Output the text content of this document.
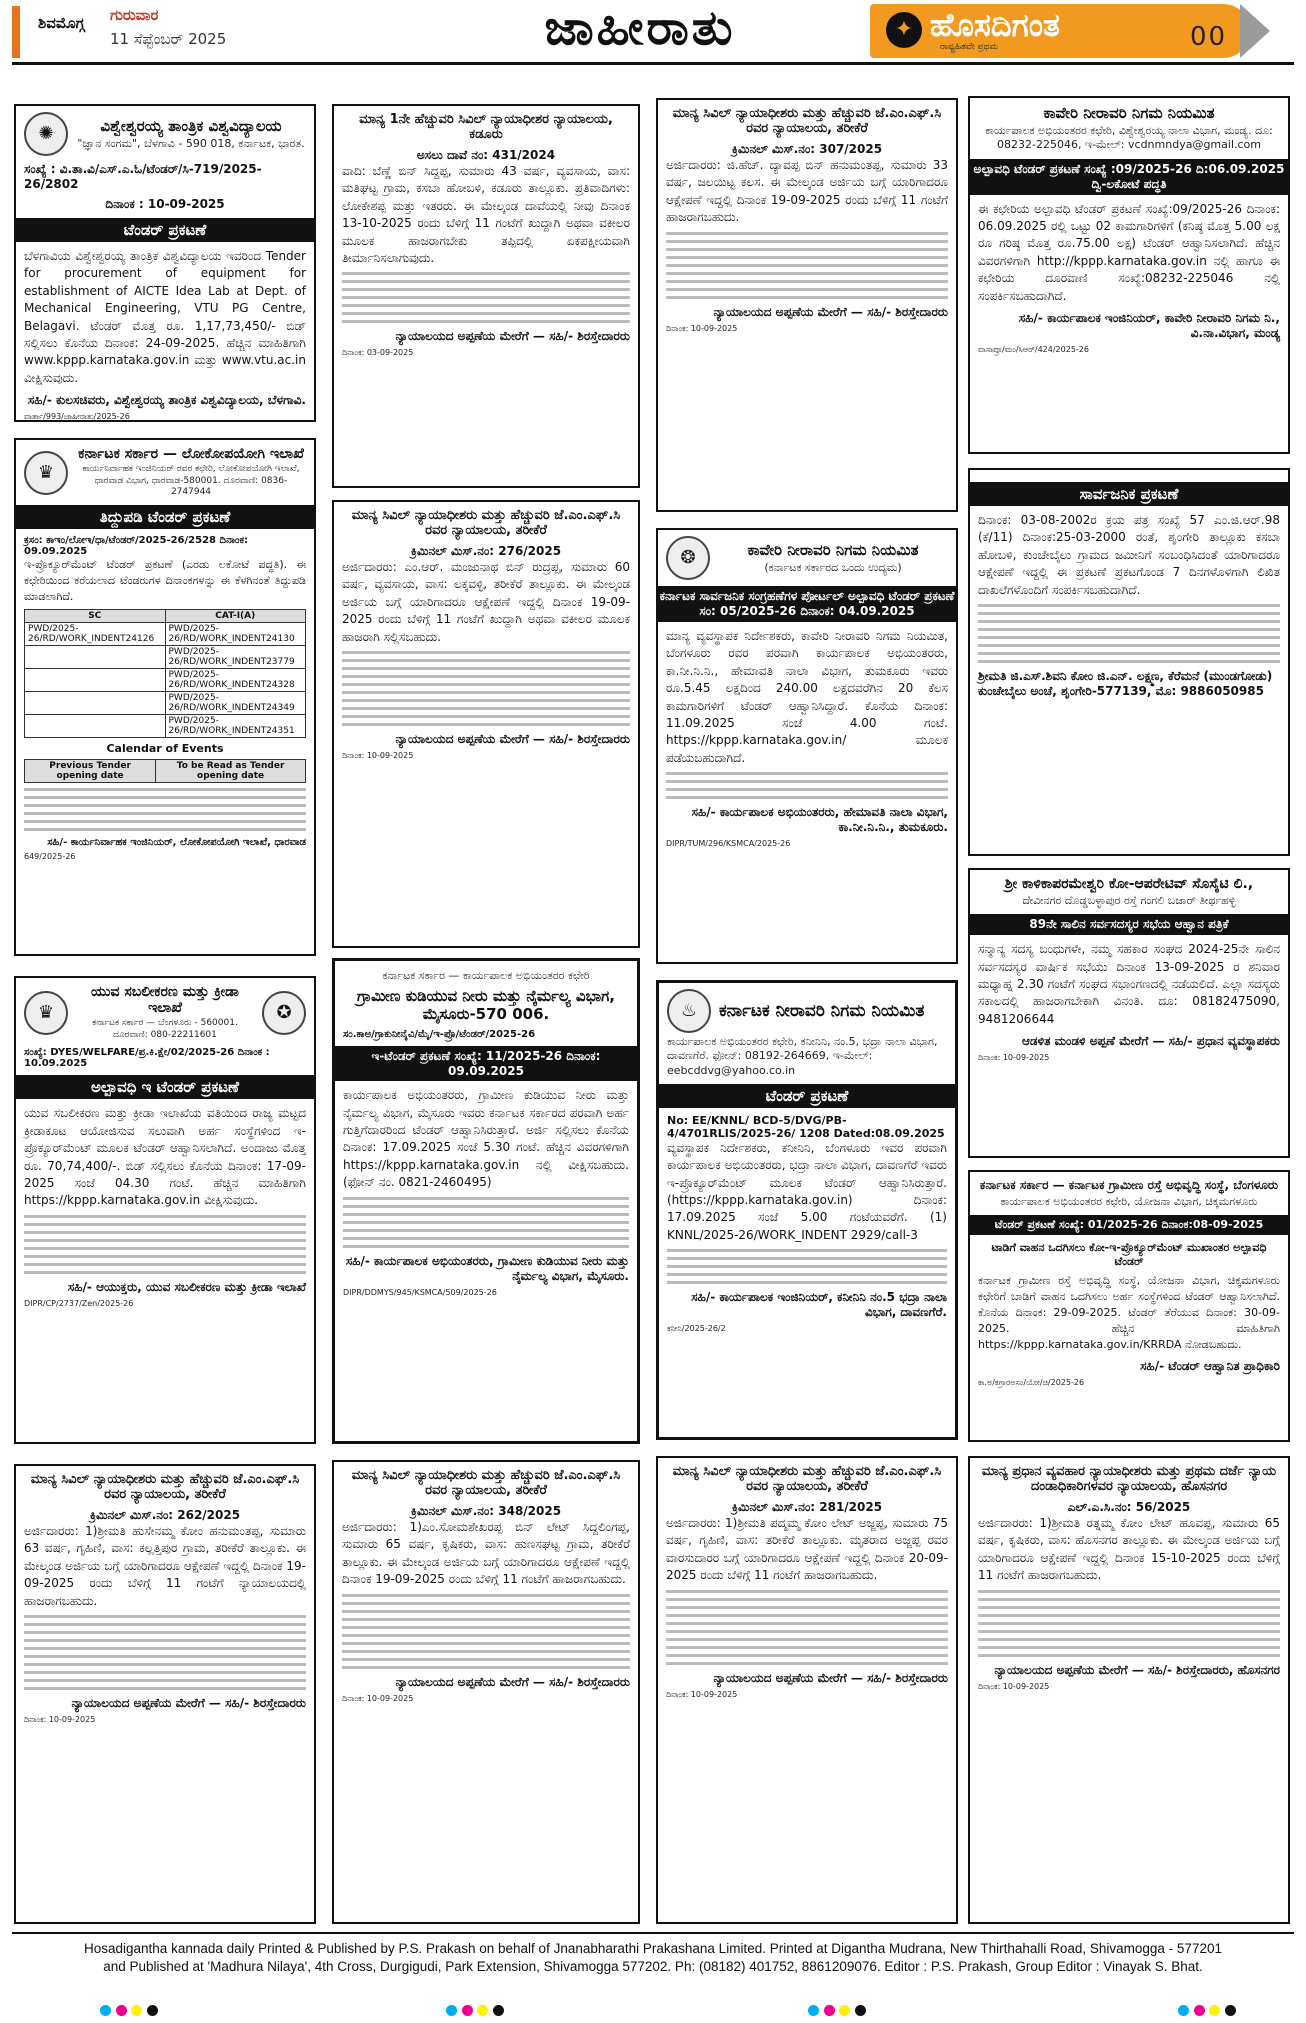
ಶಿವಮೊಗ್ಗ ಗುರುವಾರ
11 ಸೆಪ್ಟೆಂಬರ್ 2025	ಜಾಹೀರಾತು	✦ ಹೊಸದಿಗಂತ
ರಾಷ್ಟ್ರಹಿತವೇ ಪ್ರಥಮ	00
✺	ವಿಶ್ವೇಶ್ವರಯ್ಯ ತಾಂತ್ರಿಕ ವಿಶ್ವವಿದ್ಯಾಲಯ
"ಜ್ಞಾನ ಸಂಗಮ", ಬೆಳಗಾವಿ - 590 018, ಕರ್ನಾಟಕ, ಭಾರತ.
ಸಂಖ್ಯೆ : ವಿ.ತಾ.ವಿ/ಎಸ್.ಎ.ಓ/ಟೆಂಡರ್/ಸಿ-719/2025-26/2802
ದಿನಾಂಕ : 10-09-2025
ಟೆಂಡರ್ ಪ್ರಕಟಣೆ
ಬೆಳಗಾವಿಯ ವಿಶ್ವೇಶ್ವರಯ್ಯ ತಾಂತ್ರಿಕ ವಿಶ್ವವಿದ್ಯಾಲಯ ಇವರಿಂದ Tender for procurement of equipment for establishment of AICTE Idea Lab at Dept. of Mechanical Engineering, VTU PG Centre, Belagavi. ಟೆಂಡರ್ ಮೊತ್ತ ರೂ. 1,17,73,450/- ಬಿಡ್ ಸಲ್ಲಿಸಲು ಕೊನೆಯ ದಿನಾಂಕ: 24-09-2025. ಹೆಚ್ಚಿನ ಮಾಹಿತಿಗಾಗಿ www.kppp.karnataka.gov.in ಮತ್ತು www.vtu.ac.in ವೀಕ್ಷಿಸುವುದು.
ಸಹಿ/- ಕುಲಸಚಿವರು, ವಿಶ್ವೇಶ್ವರಯ್ಯ ತಾಂತ್ರಿಕ ವಿಶ್ವವಿದ್ಯಾಲಯ, ಬೆಳಗಾವಿ.
ವಾರ್ತಾ/993/ಜಾಹೀರಾತು/2025-26
♛
ಕರ್ನಾಟಕ ಸರ್ಕಾರ — ಲೋಕೋಪಯೋಗಿ ಇಲಾಖೆ
ಕಾರ್ಯನಿರ್ವಾಹಕ ಇಂಜಿನಿಯರ್ ರವರ ಕಛೇರಿ, ಲೋಕೋಪಯೋಗಿ ಇಲಾಖೆ, ಧಾರವಾಡ ವಿಭಾಗ, ಧಾರವಾಡ-580001. ದೂರವಾಣಿ: 0836-2747944
ತಿದ್ದುಪಡಿ ಟೆಂಡರ್ ಪ್ರಕಟಣೆ
ಕ್ರಸಂ: ಕಾಇಂ/ಲೋಇ/ಧಾ/ಟೆಂಡರ್/2025-26/2528 ದಿನಾಂಕ: 09.09.2025
ಇ-ಪ್ರೊಕ್ಯೂರ್‌ಮೆಂಟ್ ಟೆಂಡರ್ ಪ್ರಕಟಣೆ (ಎರಡು ಲಕೋಟೆ ಪದ್ಧತಿ). ಈ ಕಛೇರಿಯಿಂದ ಕರೆಯಲಾದ ಟೆಂಡರುಗಳ ದಿನಾಂಕಗಳನ್ನು ಈ ಕೆಳಗಿನಂತೆ ತಿದ್ದುಪಡಿ ಮಾಡಲಾಗಿದೆ.
SC	CAT-I(A)
PWD/2025-26/RD/WORK_INDENT24126	PWD/2025-26/RD/WORK_INDENT24130
	PWD/2025-26/RD/WORK_INDENT23779
	PWD/2025-26/RD/WORK_INDENT24328
	PWD/2025-26/RD/WORK_INDENT24349
	PWD/2025-26/RD/WORK_INDENT24351
Calendar of Events
Previous Tender opening date	To be Read as Tender opening date
ಸಹಿ/- ಕಾರ್ಯನಿರ್ವಾಹಕ ಇಂಜಿನಿಯರ್, ಲೋಕೋಪಯೋಗಿ ಇಲಾಖೆ, ಧಾರವಾಡ
649/2025-26
♛
ಯುವ ಸಬಲೀಕರಣ ಮತ್ತು ಕ್ರೀಡಾ ಇಲಾಖೆ
ಕರ್ನಾಟಕ ಸರ್ಕಾರ — ಬೆಂಗಳೂರು - 560001. ದೂರವಾಣಿ: 080-22211601
✪
ಸಂಖ್ಯೆ: DYES/WELFARE/ಪ್ರ.ಕಿ.ಕ್ಷೇ/02/2025-26 ದಿನಾಂಕ : 10.09.2025
ಅಲ್ಪಾವಧಿ ಇ ಟೆಂಡರ್ ಪ್ರಕಟಣೆ
ಯುವ ಸಬಲೀಕರಣ ಮತ್ತು ಕ್ರೀಡಾ ಇಲಾಖೆಯ ವತಿಯಿಂದ ರಾಜ್ಯ ಮಟ್ಟದ ಕ್ರೀಡಾಕೂಟ ಆಯೋಜಿಸುವ ಸಲುವಾಗಿ ಅರ್ಹ ಸಂಸ್ಥೆಗಳಿಂದ ಇ-ಪ್ರೊಕ್ಯೂರ್‌ಮೆಂಟ್ ಮೂಲಕ ಟೆಂಡರ್ ಆಹ್ವಾನಿಸಲಾಗಿದೆ. ಅಂದಾಜು ಮೊತ್ತ ರೂ. 70,74,400/-. ಬಿಡ್ ಸಲ್ಲಿಸಲು ಕೊನೆಯ ದಿನಾಂಕ: 17-09-2025 ಸಂಜೆ 04.30 ಗಂಟೆ. ಹೆಚ್ಚಿನ ಮಾಹಿತಿಗಾಗಿ https://kppp.karnataka.gov.in ವೀಕ್ಷಿಸುವುದು.
ಸಹಿ/- ಆಯುಕ್ತರು, ಯುವ ಸಬಲೀಕರಣ ಮತ್ತು ಕ್ರೀಡಾ ಇಲಾಖೆ
DIPR/CP/2737/Zen/2025-26
ಮಾನ್ಯ ಸಿವಿಲ್ ನ್ಯಾಯಾಧೀಶರು ಮತ್ತು ಹೆಚ್ಚುವರಿ ಜೆ.ಎಂ.ಎಫ್.ಸಿ ರವರ ನ್ಯಾಯಾಲಯ, ತರೀಕೆರೆ
ಕ್ರಿಮಿನಲ್ ಮಿಸ್.ನಂ: 262/2025
ಅರ್ಜಿದಾರರು: 1)ಶ್ರೀಮತಿ ಹುಸೇನಮ್ಮ ಕೋಂ ಹನುಮಂತಪ್ಪ, ಸುಮಾರು 63 ವರ್ಷ, ಗೃಹಿಣಿ, ವಾಸ: ಕಲ್ಲತ್ತಿಪುರ ಗ್ರಾಮ, ತರೀಕೆರೆ ತಾಲ್ಲೂಕು. ಈ ಮೇಲ್ಕಂಡ ಅರ್ಜಿಯ ಬಗ್ಗೆ ಯಾರಿಗಾದರೂ ಆಕ್ಷೇಪಣೆ ಇದ್ದಲ್ಲಿ ದಿನಾಂಕ 19-09-2025 ರಂದು ಬೆಳಿಗ್ಗೆ 11 ಗಂಟೆಗೆ ನ್ಯಾಯಾಲಯದಲ್ಲಿ ಹಾಜರಾಗಬಹುದು.
ನ್ಯಾಯಾಲಯದ ಅಪ್ಪಣೆಯ ಮೇರೆಗೆ — ಸಹಿ/- ಶಿರಸ್ತೇದಾರರು
ದಿನಾಂಕ: 10-09-2025
ಮಾನ್ಯ 1ನೇ ಹೆಚ್ಚುವರಿ ಸಿವಿಲ್ ನ್ಯಾಯಾಧೀಶರ ನ್ಯಾಯಾಲಯ, ಕಡೂರು
ಅಸಲು ದಾವೆ ನಂ: 431/2024
ವಾದಿ: ಬೆಣ್ಣೆ ಬಿನ್ ಸಿದ್ದಪ್ಪ, ಸುಮಾರು 43 ವರ್ಷ, ವ್ಯವಸಾಯ, ವಾಸ: ಮತಿಘಟ್ಟ ಗ್ರಾಮ, ಕಸಬಾ ಹೋಬಳಿ, ಕಡೂರು ತಾಲ್ಲೂಕು. ಪ್ರತಿವಾದಿಗಳು: ಲೋಕೇಶಪ್ಪ ಮತ್ತು ಇತರರು. ಈ ಮೇಲ್ಕಂಡ ದಾವೆಯಲ್ಲಿ ನೀವು ದಿನಾಂಕ 13-10-2025 ರಂದು ಬೆಳಿಗ್ಗೆ 11 ಗಂಟೆಗೆ ಖುದ್ದಾಗಿ ಅಥವಾ ವಕೀಲರ ಮೂಲಕ ಹಾಜರಾಗಬೇಕು ತಪ್ಪಿದಲ್ಲಿ ಏಕಪಕ್ಷೀಯವಾಗಿ ತೀರ್ಮಾನಿಸಲಾಗುವುದು.
ನ್ಯಾಯಾಲಯದ ಅಪ್ಪಣೆಯ ಮೇರೆಗೆ — ಸಹಿ/- ಶಿರಸ್ತೇದಾರರು
ದಿನಾಂಕ: 03-09-2025
ಮಾನ್ಯ ಸಿವಿಲ್ ನ್ಯಾಯಾಧೀಶರು ಮತ್ತು ಹೆಚ್ಚುವರಿ ಜೆ.ಎಂ.ಎಫ್.ಸಿ ರವರ ನ್ಯಾಯಾಲಯ, ತರೀಕೆರೆ
ಕ್ರಿಮಿನಲ್ ಮಿಸ್.ನಂ: 276/2025
ಅರ್ಜಿದಾರರು: ಎಂ.ಆರ್. ಮಂಜುನಾಥ ಬಿನ್ ರುದ್ರಪ್ಪ, ಸುಮಾರು 60 ವರ್ಷ, ವ್ಯವಸಾಯ, ವಾಸ: ಲಕ್ಕವಳ್ಳಿ, ತರೀಕೆರೆ ತಾಲ್ಲೂಕು. ಈ ಮೇಲ್ಕಂಡ ಅರ್ಜಿಯ ಬಗ್ಗೆ ಯಾರಿಗಾದರೂ ಆಕ್ಷೇಪಣೆ ಇದ್ದಲ್ಲಿ ದಿನಾಂಕ 19-09-2025 ರಂದು ಬೆಳಿಗ್ಗೆ 11 ಗಂಟೆಗೆ ಖುದ್ದಾಗಿ ಅಥವಾ ವಕೀಲರ ಮೂಲಕ ಹಾಜರಾಗಿ ಸಲ್ಲಿಸಬಹುದು.
ನ್ಯಾಯಾಲಯದ ಅಪ್ಪಣೆಯ ಮೇರೆಗೆ — ಸಹಿ/- ಶಿರಸ್ತೇದಾರರು
ದಿನಾಂಕ: 10-09-2025
ಕರ್ನಾಟಕ ಸರ್ಕಾರ — ಕಾರ್ಯಪಾಲಕ ಅಭಿಯಂತರರ ಕಛೇರಿ
ಗ್ರಾಮೀಣ ಕುಡಿಯುವ ನೀರು ಮತ್ತು ನೈರ್ಮಲ್ಯ ವಿಭಾಗ, ಮೈಸೂರು-570 006.
ಸಂ.ಕಾಅ/ಗ್ರಾಕುನೀನೈವಿ/ಮೈ/ಇ-ಪ್ರೊ/ಟೆಂಡರ್/2025-26
ಇ-ಟೆಂಡರ್ ಪ್ರಕಟಣೆ ಸಂಖ್ಯೆ: 11/2025-26 ದಿನಾಂಕ: 09.09.2025
ಕಾರ್ಯಪಾಲಕ ಅಭಿಯಂತರರು, ಗ್ರಾಮೀಣ ಕುಡಿಯುವ ನೀರು ಮತ್ತು ನೈರ್ಮಲ್ಯ ವಿಭಾಗ, ಮೈಸೂರು ಇವರು ಕರ್ನಾಟಕ ಸರ್ಕಾರದ ಪರವಾಗಿ ಅರ್ಹ ಗುತ್ತಿಗೆದಾರರಿಂದ ಟೆಂಡರ್ ಆಹ್ವಾನಿಸಿರುತ್ತಾರೆ. ಅರ್ಜಿ ಸಲ್ಲಿಸಲು ಕೊನೆಯ ದಿನಾಂಕ: 17.09.2025 ಸಂಜೆ 5.30 ಗಂಟೆ. ಹೆಚ್ಚಿನ ವಿವರಗಳಿಗಾಗಿ https://kppp.karnataka.gov.in ನಲ್ಲಿ ವೀಕ್ಷಿಸಬಹುದು. (ಫೋನ್ ನಂ. 0821-2460495)
ಸಹಿ/- ಕಾರ್ಯಪಾಲಕ ಅಭಿಯಂತರರು, ಗ್ರಾಮೀಣ ಕುಡಿಯುವ ನೀರು ಮತ್ತು ನೈರ್ಮಲ್ಯ ವಿಭಾಗ, ಮೈಸೂರು.
DIPR/DDMYS/945/KSMCA/509/2025-26
ಮಾನ್ಯ ಸಿವಿಲ್ ನ್ಯಾಯಾಧೀಶರು ಮತ್ತು ಹೆಚ್ಚುವರಿ ಜೆ.ಎಂ.ಎಫ್.ಸಿ ರವರ ನ್ಯಾಯಾಲಯ, ತರೀಕೆರೆ
ಕ್ರಿಮಿನಲ್ ಮಿಸ್.ನಂ: 348/2025
ಅರ್ಜಿದಾರರು: 1)ಎಂ.ಸೋಮಶೇಖರಪ್ಪ ಬಿನ್ ಲೇಟ್ ಸಿದ್ದಲಿಂಗಪ್ಪ, ಸುಮಾರು 65 ವರ್ಷ, ಕೃಷಿಕರು, ವಾಸ: ಹುಣಸಘಟ್ಟ ಗ್ರಾಮ, ತರೀಕೆರೆ ತಾಲ್ಲೂಕು. ಈ ಮೇಲ್ಕಂಡ ಅರ್ಜಿಯ ಬಗ್ಗೆ ಯಾರಿಗಾದರೂ ಆಕ್ಷೇಪಣೆ ಇದ್ದಲ್ಲಿ ದಿನಾಂಕ 19-09-2025 ರಂದು ಬೆಳಿಗ್ಗೆ 11 ಗಂಟೆಗೆ ಹಾಜರಾಗಬಹುದು.
ನ್ಯಾಯಾಲಯದ ಅಪ್ಪಣೆಯ ಮೇರೆಗೆ — ಸಹಿ/- ಶಿರಸ್ತೇದಾರರು
ದಿನಾಂಕ: 10-09-2025
ಮಾನ್ಯ ಸಿವಿಲ್ ನ್ಯಾಯಾಧೀಶರು ಮತ್ತು ಹೆಚ್ಚುವರಿ ಜೆ.ಎಂ.ಎಫ್.ಸಿ ರವರ ನ್ಯಾಯಾಲಯ, ತರೀಕೆರೆ
ಕ್ರಿಮಿನಲ್ ಮಿಸ್.ನಂ: 307/2025
ಅರ್ಜಿದಾರರು: ಜಿ.ಹೆಚ್. ದ್ಯಾವಪ್ಪ ಬಿನ್ ಹನುಮಂತಪ್ಪ, ಸುಮಾರು 33 ವರ್ಷ, ಜಲಯಿಟ್ಟ ಕಲಸ. ಈ ಮೇಲ್ಕಂಡ ಅರ್ಜಿಯ ಬಗ್ಗೆ ಯಾರಿಗಾದರೂ ಆಕ್ಷೇಪಣೆ ಇದ್ದಲ್ಲಿ ದಿನಾಂಕ 19-09-2025 ರಂದು ಬೆಳಿಗ್ಗೆ 11 ಗಂಟೆಗೆ ಹಾಜರಾಗಬಹುದು.
ನ್ಯಾಯಾಲಯದ ಅಪ್ಪಣೆಯ ಮೇರೆಗೆ — ಸಹಿ/- ಶಿರಸ್ತೇದಾರರು
ದಿನಾಂಕ: 10-09-2025
❂	ಕಾವೇರಿ ನೀರಾವರಿ ನಿಗಮ ನಿಯಮಿತ
(ಕರ್ನಾಟಕ ಸರ್ಕಾರದ ಒಂದು ಉದ್ಯಮ)
ಕರ್ನಾಟಕ ಸಾರ್ವಜನಿಕ ಸಂಗ್ರಹಣೆಗಳ ಪೋರ್ಟಲ್ ಅಲ್ಪಾವಧಿ ಟೆಂಡರ್ ಪ್ರಕಟಣೆ ಸಂ: 05/2025-26 ದಿನಾಂಕ: 04.09.2025
ಮಾನ್ಯ ವ್ಯವಸ್ಥಾಪಕ ನಿರ್ದೇಶಕರು, ಕಾವೇರಿ ನೀರಾವರಿ ನಿಗಮ ನಿಯಮಿತ, ಬೆಂಗಳೂರು ರವರ ಪರವಾಗಿ ಕಾರ್ಯಪಾಲಕ ಅಭಿಯಂತರರು, ಕಾ.ನೀ.ನಿ.ನಿ., ಹೇಮಾವತಿ ನಾಲಾ ವಿಭಾಗ, ತುಮಕೂರು ಇವರು ರೂ.5.45 ಲಕ್ಷದಿಂದ 240.00 ಲಕ್ಷದವರೆಗಿನ 20 ಕೆಲಸ ಕಾಮಗಾರಿಗಳಿಗೆ ಟೆಂಡರ್ ಆಹ್ವಾನಿಸಿದ್ದಾರೆ. ಕೊನೆಯ ದಿನಾಂಕ: 11.09.2025 ಸಂಜೆ 4.00 ಗಂಟೆ. https://kppp.karnataka.gov.in/ ಮೂಲಕ ಪಡೆಯಬಹುದಾಗಿದೆ.
ಸಹಿ/- ಕಾರ್ಯಪಾಲಕ ಅಭಿಯಂತರರು, ಹೇಮಾವತಿ ನಾಲಾ ವಿಭಾಗ, ಕಾ.ನೀ.ನಿ.ನಿ., ತುಮಕೂರು.
DIPR/TUM/296/KSMCA/2025-26
♨	ಕರ್ನಾಟಕ ನೀರಾವರಿ ನಿಗಮ ನಿಯಮಿತ
ಕಾರ್ಯಪಾಲಕ ಅಭಿಯಂತರರ ಕಛೇರಿ, ಕನೀನಿನಿ, ನಂ.5, ಭದ್ರಾ ನಾಲಾ ವಿಭಾಗ, ದಾವಣಗೆರೆ. ಫೋನ್: 08192-264669, ಇ-ಮೇಲ್: eebcddvg@yahoo.co.in
ಟೆಂಡರ್ ಪ್ರಕಟಣೆ
No: EE/KNNL/ BCD-5/DVG/PB-4/4701RLIS/2025-26/ 1208 Dated:08.09.2025
ವ್ಯವಸ್ಥಾಪಕ ನಿರ್ದೇಶಕರು, ಕನೀನಿನಿ, ಬೆಂಗಳೂರು ಇವರ ಪರವಾಗಿ ಕಾರ್ಯಪಾಲಕ ಅಭಿಯಂತರರು, ಭದ್ರಾ ನಾಲಾ ವಿಭಾಗ, ದಾವಣಗೆರೆ ಇವರು ಇ-ಪ್ರೊಕ್ಯೂರ್‌ಮೆಂಟ್ ಮೂಲಕ ಟೆಂಡರ್ ಆಹ್ವಾನಿಸಿರುತ್ತಾರೆ. (https://kppp.karnataka.gov.in) ದಿನಾಂಕ: 17.09.2025 ಸಂಜೆ 5.00 ಗಂಟೆಯವರೆಗೆ. (1) KNNL/2025-26/WORK_INDENT 2929/call-3
ಸಹಿ/- ಕಾರ್ಯಪಾಲಕ ಇಂಜಿನಿಯರ್, ಕನೀನಿನಿ ನಂ.5 ಭದ್ರಾ ನಾಲಾ ವಿಭಾಗ, ದಾವಣಗೆರೆ.
ಕನೀನಿ/2025-26/2
ಮಾನ್ಯ ಸಿವಿಲ್ ನ್ಯಾಯಾಧೀಶರು ಮತ್ತು ಹೆಚ್ಚುವರಿ ಜೆ.ಎಂ.ಎಫ್.ಸಿ ರವರ ನ್ಯಾಯಾಲಯ, ತರೀಕೆರೆ
ಕ್ರಿಮಿನಲ್ ಮಿಸ್.ನಂ: 281/2025
ಅರ್ಜಿದಾರರು: 1)ಶ್ರೀಮತಿ ಪದ್ಮಮ್ಮ ಕೋಂ ಲೇಟ್ ಅಜ್ಜಪ್ಪ, ಸುಮಾರು 75 ವರ್ಷ, ಗೃಹಿಣಿ, ವಾಸ: ತರೀಕೆರೆ ತಾಲ್ಲೂಕು. ಮೃತರಾದ ಅಜ್ಜಪ್ಪ ರವರ ವಾರಸುದಾರರ ಬಗ್ಗೆ ಯಾರಿಗಾದರೂ ಆಕ್ಷೇಪಣೆ ಇದ್ದಲ್ಲಿ ದಿನಾಂಕ 20-09-2025 ರಂದು ಬೆಳಿಗ್ಗೆ 11 ಗಂಟೆಗೆ ಹಾಜರಾಗಬಹುದು.
ನ್ಯಾಯಾಲಯದ ಅಪ್ಪಣೆಯ ಮೇರೆಗೆ — ಸಹಿ/- ಶಿರಸ್ತೇದಾರರು
ದಿನಾಂಕ: 10-09-2025
ಕಾವೇರಿ ನೀರಾವರಿ ನಿಗಮ ನಿಯಮಿತ
ಕಾರ್ಯಪಾಲಕ ಅಭಿಯಂತರರ ಕಛೇರಿ, ವಿಶ್ವೇಶ್ವರಯ್ಯ ನಾಲಾ ವಿಭಾಗ, ಮಂಡ್ಯ. ದೂ: 08232-225046, ಇ-ಮೇಲ್: vcdnmndya@gmail.com
ಅಲ್ಪಾವಧಿ ಟೆಂಡರ್ ಪ್ರಕಟಣೆ ಸಂಖ್ಯೆ :09/2025-26 ದಿ:06.09.2025 ದ್ವಿ-ಲಕೋಟೆ ಪದ್ಧತಿ
ಈ ಕಛೇರಿಯ ಅಲ್ಪಾವಧಿ ಟೆಂಡರ್ ಪ್ರಕಟಣೆ ಸಂಖ್ಯೆ:09/2025-26 ದಿನಾಂಕ: 06.09.2025 ರಲ್ಲಿ ಒಟ್ಟು 02 ಕಾಮಗಾರಿಗಳಿಗೆ (ಕನಿಷ್ಠ ಮೊತ್ತ 5.00 ಲಕ್ಷ ರೂ ಗರಿಷ್ಠ ಮೊತ್ತ ರೂ.75.00 ಲಕ್ಷ) ಟೆಂಡರ್ ಆಹ್ವಾನಿಸಲಾಗಿದೆ. ಹೆಚ್ಚಿನ ವಿವರಗಳಿಗಾಗಿ http://kppp.karnataka.gov.in ನಲ್ಲಿ ಹಾಗೂ ಈ ಕಛೇರಿಯ ದೂರವಾಣಿ ಸಂಖ್ಯೆ:08232-225046 ನಲ್ಲಿ ಸಂಪರ್ಕಿಸಬಹುದಾಗಿದೆ.
ಸಹಿ/- ಕಾರ್ಯಪಾಲಕ ಇಂಜಿನಿಯರ್, ಕಾವೇರಿ ನೀರಾವರಿ ನಿಗಮ ನಿ., ವಿ.ನಾ.ವಿಭಾಗ, ಮಂಡ್ಯ
ವಾಸಾಪ್ರೂ/ಮಂ/ಸಿಆರ್/424/2025-26
ಸಾರ್ವಜನಿಕ ಪ್ರಕಟಣೆ
ದಿನಾಂಕ: 03-08-2002ರ ಕ್ರಯ ಪತ್ರ ಸಂಖ್ಯೆ 57 ಎಂ.ಜಿ.ಆರ್.98 (ಕೆ/11) ದಿನಾಂಕ:25-03-2000 ರಂತೆ, ಶೃಂಗೇರಿ ತಾಲ್ಲೂಕು ಕಸಬಾ ಹೋಬಳಿ, ಕುಂಚೇಬೈಲು ಗ್ರಾಮದ ಜಮೀನಿಗೆ ಸಂಬಂಧಿಸಿದಂತೆ ಯಾರಿಗಾದರೂ ಆಕ್ಷೇಪಣೆ ಇದ್ದಲ್ಲಿ ಈ ಪ್ರಕಟಣೆ ಪ್ರಕಟಗೊಂಡ 7 ದಿನಗಳೊಳಗಾಗಿ ಲಿಖಿತ ದಾಖಲೆಗಳೊಂದಿಗೆ ಸಂಪರ್ಕಿಸಬಹುದಾಗಿದೆ.
ಶ್ರೀಮತಿ ಜಿ.ಎಸ್.ಶಿವನಿ ಕೋಂ ಜಿ.ಎನ್. ಲಕ್ಷ್ಮಣ, ಕೆರೆಮನೆ (ಮುಂಡಗೋಡು) ಕುಂಚೇಬೈಲು ಅಂಚೆ, ಶೃಂಗೇರಿ-577139, ಮೊ: 9886050985
ಶ್ರೀ ಕಾಳಿಕಾಪರಮೇಶ್ವರಿ ಕೋ-ಆಪರೇಟಿವ್ ಸೊಸೈಟಿ ಲಿ.,
ದೇವೀನಗರ ದೊಡ್ಡಬಳ್ಳಾಪುರ ರಸ್ತೆ ಗಂಗಲಿ ಬಜಾರ್ ತೀರ್ಥಹಳ್ಳಿ
89ನೇ ಸಾಲಿನ ಸರ್ವಸದಸ್ಯರ ಸಭೆಯ ಆಹ್ವಾನ ಪತ್ರಿಕೆ
ಸನ್ಮಾನ್ಯ ಸದಸ್ಯ ಬಂಧುಗಳೇ, ನಮ್ಮ ಸಹಕಾರ ಸಂಘದ 2024-25ನೇ ಸಾಲಿನ ಸರ್ವಸದಸ್ಯರ ವಾರ್ಷಿಕ ಸಭೆಯು ದಿನಾಂಕ 13-09-2025 ರ ಶನಿವಾರ ಮಧ್ಯಾಹ್ನ 2.30 ಗಂಟೆಗೆ ಸಂಘದ ಸಭಾಂಗಣದಲ್ಲಿ ನಡೆಯಲಿದೆ. ಎಲ್ಲಾ ಸದಸ್ಯರು ಸಕಾಲದಲ್ಲಿ ಹಾಜರಾಗಬೇಕಾಗಿ ವಿನಂತಿ. ದೂ: 08182475090, 9481206644
ಆಡಳಿತ ಮಂಡಳಿ ಅಪ್ಪಣೆ ಮೇರೆಗೆ — ಸಹಿ/- ಪ್ರಧಾನ ವ್ಯವಸ್ಥಾಪಕರು
ದಿನಾಂಕ: 10-09-2025
ಕರ್ನಾಟಕ ಸರ್ಕಾರ — ಕರ್ನಾಟಕ ಗ್ರಾಮೀಣ ರಸ್ತೆ ಅಭಿವೃದ್ಧಿ ಸಂಸ್ಥೆ, ಬೆಂಗಳೂರು
ಕಾರ್ಯಪಾಲಕ ಅಭಿಯಂತರರ ಕಛೇರಿ, ಯೋಜನಾ ವಿಭಾಗ, ಚಿಕ್ಕಮಗಳೂರು
ಟೆಂಡರ್ ಪ್ರಕಟಣೆ ಸಂಖ್ಯೆ: 01/2025-26 ದಿನಾಂಕ:08-09-2025
ಟಾಡಿಗೆ ವಾಹನ ಒದಗಿಸಲು ಕೋ-ಇ-ಪ್ರೊಕ್ಯೂರ್‌ಮೆಂಟ್ ಮುಖಾಂತರ ಅಲ್ಪಾವಧಿ ಟೆಂಡರ್
ಕರ್ನಾಟಕ ಗ್ರಾಮೀಣ ರಸ್ತೆ ಅಭಿವೃದ್ಧಿ ಸಂಸ್ಥೆ, ಯೋಜನಾ ವಿಭಾಗ, ಚಿಕ್ಕಮಗಳೂರು ಕಛೇರಿಗೆ ಬಾಡಿಗೆ ವಾಹನ ಒದಗಿಸಲು ಅರ್ಹ ಸಂಸ್ಥೆಗಳಿಂದ ಟೆಂಡರ್ ಆಹ್ವಾನಿಸಲಾಗಿದೆ. ಕೊನೆಯ ದಿನಾಂಕ: 29-09-2025. ಟೆಂಡರ್ ತೆರೆಯುವ ದಿನಾಂಕ: 30-09-2025. ಹೆಚ್ಚಿನ ಮಾಹಿತಿಗಾಗಿ https://kppp.karnataka.gov.in/KRRDA ನೋಡಬಹುದು.
ಸಹಿ/- ಟೆಂಡರ್ ಆಹ್ವಾನಿತ ಪ್ರಾಧಿಕಾರಿ
ಕಾ.ಅ/ಕಗ್ರಾರಅಸಂ/ಯೋ/ಚಿ/2025-26
ಮಾನ್ಯ ಪ್ರಧಾನ ವ್ಯವಹಾರ ನ್ಯಾಯಾಧೀಶರು ಮತ್ತು ಪ್ರಥಮ ದರ್ಜೆ ನ್ಯಾಯ ದಂಡಾಧಿಕಾರಿಗಳವರ ನ್ಯಾಯಾಲಯ, ಹೊಸನಗರ
ಎಲ್.ಎ.ಸಿ.ನಂ: 56/2025
ಅರ್ಜಿದಾರರು: 1)ಶ್ರೀಮತಿ ರತ್ನಮ್ಮ ಕೋಂ ಲೇಟ್ ಹೂವಪ್ಪ, ಸುಮಾರು 65 ವರ್ಷ, ಕೃಷಿಕರು, ವಾಸ: ಹೊಸನಗರ ತಾಲ್ಲೂಕು. ಈ ಮೇಲ್ಕಂಡ ಅರ್ಜಿಯ ಬಗ್ಗೆ ಯಾರಿಗಾದರೂ ಆಕ್ಷೇಪಣೆ ಇದ್ದಲ್ಲಿ ದಿನಾಂಕ 15-10-2025 ರಂದು ಬೆಳಿಗ್ಗೆ 11 ಗಂಟೆಗೆ ಹಾಜರಾಗಬಹುದು.
ನ್ಯಾಯಾಲಯದ ಅಪ್ಪಣೆಯ ಮೇರೆಗೆ — ಸಹಿ/- ಶಿರಸ್ತೇದಾರರು, ಹೊಸನಗರ
ದಿನಾಂಕ: 10-09-2025
Hosadigantha kannada daily Printed & Published by P.S. Prakash on behalf of Jnanabharathi Prakashana Limited. Printed at Digantha Mudrana, New Thirthahalli Road, Shivamogga - 577201
and Published at 'Madhura Nilaya', 4th Cross, Durgigudi, Park Extension, Shivamogga 577202. Ph: (08182) 401752, 8861209076. Editor : P.S. Prakash, Group Editor : Vinayak S. Bhat.
